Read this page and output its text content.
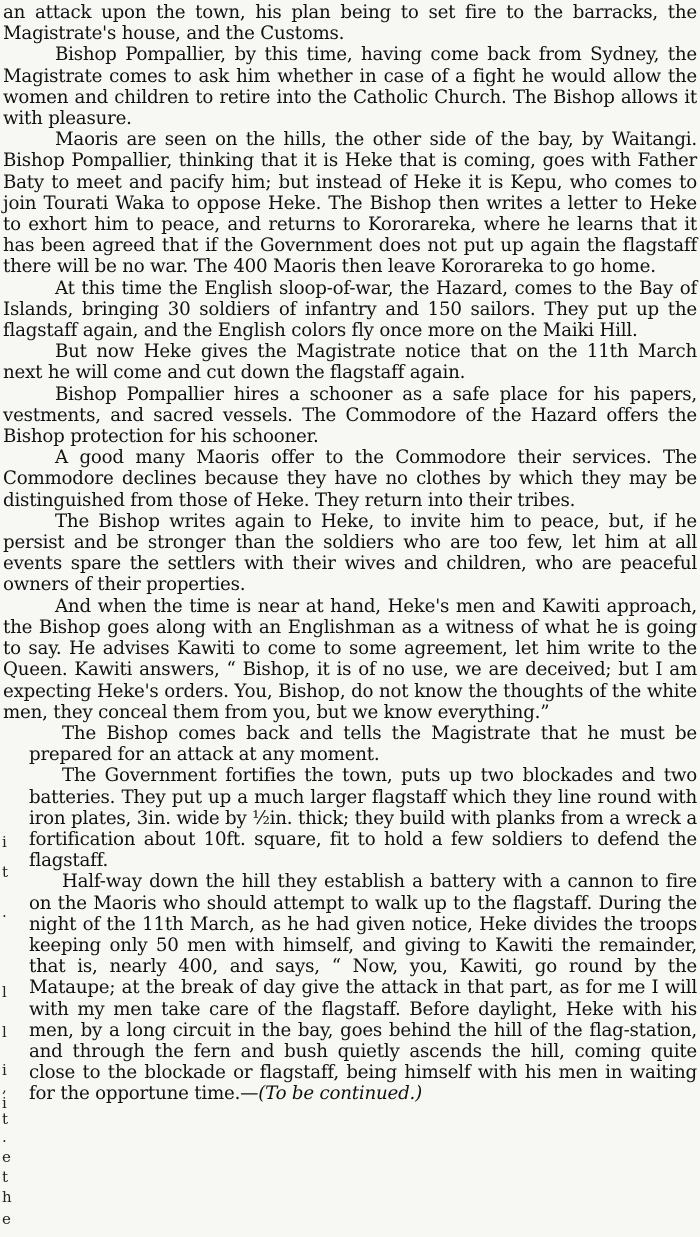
i
t
.
l
l
i
,
i
t
.
e
t
h
e

an attack upon the town, his plan being to set fire to the barracks, the Magistrate's house, and the Customs.

Bishop Pompallier, by this time, having come back from Sydney, the Magistrate comes to ask him whether in case of a fight he would allow the women and children to retire into the Catholic Church. The Bishop allows it with pleasure.

Maoris are seen on the hills, the other side of the bay, by Waitangi. Bishop Pompallier, thinking that it is Heke that is coming, goes with Father Baty to meet and pacify him; but instead of Heke it is Kepu, who comes to join Tourati Waka to oppose Heke. The Bishop then writes a letter to Heke to exhort him to peace, and returns to Kororareka, where he learns that it has been agreed that if the Government does not put up again the flagstaff there will be no war. The 400 Maoris then leave Kororareka to go home.

At this time the English sloop-of-war, the Hazard, comes to the Bay of Islands, bringing 30 soldiers of infantry and 150 sailors. They put up the flagstaff again, and the English colors fly once more on the Maiki Hill.

But now Heke gives the Magistrate notice that on the 11th March next he will come and cut down the flagstaff again.

Bishop Pompallier hires a schooner as a safe place for his papers, vestments, and sacred vessels. The Commodore of the Hazard offers the Bishop protection for his schooner.

A good many Maoris offer to the Commodore their services. The Commodore declines because they have no clothes by which they may be distinguished from those of Heke. They return into their tribes.

The Bishop writes again to Heke, to invite him to peace, but, if he persist and be stronger than the soldiers who are too few, let him at all events spare the settlers with their wives and children, who are peaceful owners of their properties.

And when the time is near at hand, Heke's men and Kawiti approach, the Bishop goes along with an Englishman as a witness of what he is going to say. He advises Kawiti to come to some agreement, let him write to the Queen. Kawiti answers, “ Bishop, it is of no use, we are deceived; but I am expecting Heke's orders. You, Bishop, do not know the thoughts of the white men, they conceal them from you, but we know everything.”

The Bishop comes back and tells the Magistrate that he must be prepared for an attack at any moment.

The Government fortifies the town, puts up two blockades and two batteries. They put up a much larger flagstaff which they line round with iron plates, 3in. wide by ½in. thick; they build with planks from a wreck a fortification about 10ft. square, fit to hold a few soldiers to defend the flagstaff.

Half-way down the hill they establish a battery with a cannon to fire on the Maoris who should attempt to walk up to the flagstaff. During the night of the 11th March, as he had given notice, Heke divides the troops keeping only 50 men with himself, and giving to Kawiti the remainder, that is, nearly 400, and says, “ Now, you, Kawiti, go round by the Mataupe; at the break of day give the attack in that part, as for me I will with my men take care of the flagstaff. Before daylight, Heke with his men, by a long circuit in the bay, goes behind the hill of the flag-station, and through the fern and bush quietly ascends the hill, coming quite close to the blockade or flagstaff, being himself with his men in waiting for the opportune time.—(To be continued.)
